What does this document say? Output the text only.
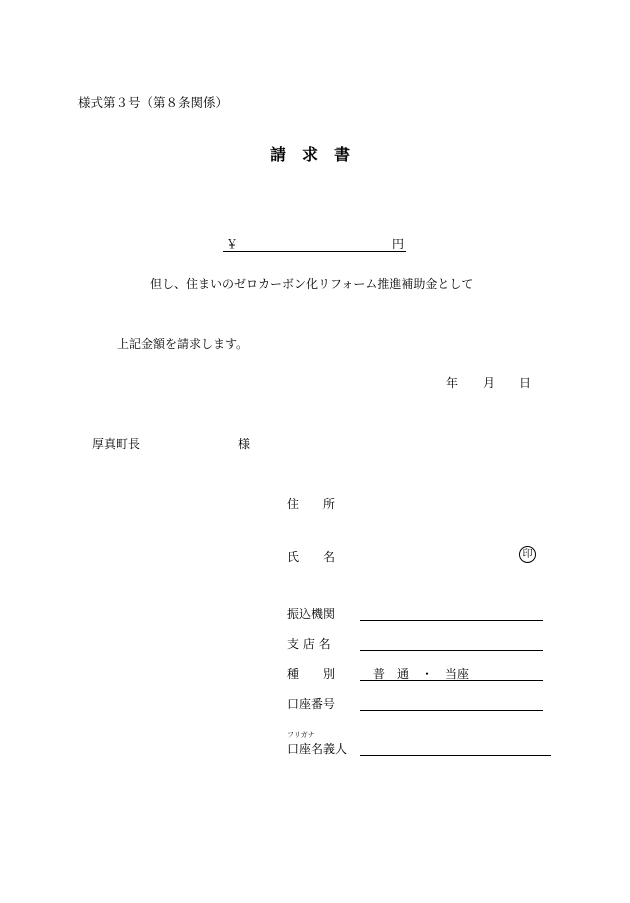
様式第３号（第８条関係）
請　求　書
￥	円
但し、住まいのゼロカーボン化リフォーム推進補助金として
上記金額を請求します。
年 月 日
厚真町長	様
住　　所
氏　　名	印
振込機関
支 店 名
種　　別	普　通　・　当座
口座番号
フリガナ
口座名義人
